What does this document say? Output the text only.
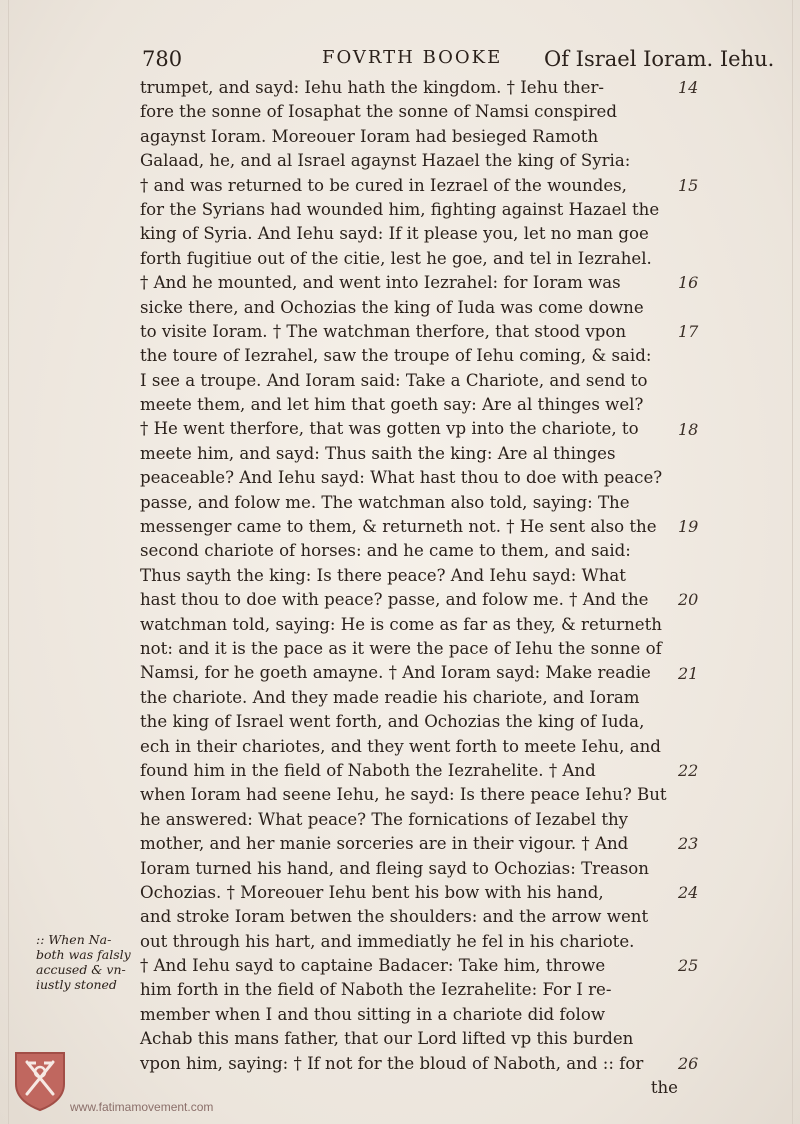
780	FOVRTH BOOKE Of Israel Ioram. Iehu.
trumpet, and sayd: Iehu hath the kingdom. † Iehu ther-
fore the sonne of Iosaphat the sonne of Namsi conspired
agaynst Ioram. Moreouer Ioram had besieged Ramoth
Galaad, he, and al Israel agaynst Hazael the king of Syria:
† and was returned to be cured in Iezrael of the woundes,
for the Syrians had wounded him, fighting against Hazael the
king of Syria. And Iehu sayd: If it please you, let no man goe
forth fugitiue out of the citie, lest he goe, and tel in Iezrahel.
† And he mounted, and went into Iezrahel: for Ioram was
sicke there, and Ochozias the king of Iuda was come downe
to visite Ioram. † The watchman therfore, that stood vpon
the toure of Iezrahel, saw the troupe of Iehu coming, & said:
I see a troupe. And Ioram said: Take a Chariote, and send to
meete them, and let him that goeth say: Are al thinges wel?
† He went therfore, that was gotten vp into the chariote, to
meete him, and sayd: Thus saith the king: Are al thinges
peaceable? And Iehu sayd: What hast thou to doe with peace?
passe, and folow me. The watchman also told, saying: The
messenger came to them, & returneth not. † He sent also the
second chariote of horses: and he came to them, and said:
Thus sayth the king: Is there peace? And Iehu sayd: What
hast thou to doe with peace? passe, and folow me. † And the
watchman told, saying: He is come as far as they, & returneth
not: and it is the pace as it were the pace of Iehu the sonne of
Namsi, for he goeth amayne. † And Ioram sayd: Make readie
the chariote. And they made readie his chariote, and Ioram
the king of Israel went forth, and Ochozias the king of Iuda,
ech in their chariotes, and they went forth to meete Iehu, and
found him in the field of Naboth the Iezrahelite. † And
when Ioram had seene Iehu, he sayd: Is there peace Iehu? But
he answered: What peace? The fornications of Iezabel thy
mother, and her manie sorceries are in their vigour. † And
Ioram turned his hand, and fleing sayd to Ochozias: Treason
Ochozias. † Moreouer Iehu bent his bow with his hand,
and stroke Ioram betwen the shoulders: and the arrow went
out through his hart, and immediatly he fel in his chariote.
† And Iehu sayd to captaine Badacer: Take him, throwe
him forth in the field of Naboth the Iezrahelite: For I re-
member when I and thou sitting in a chariote did folow
Achab this mans father, that our Lord lifted vp this burden
vpon him, saying: † If not for the bloud of Naboth, and :: for
the
14
15
16
17
18
19
20
21
22
23
24
25
26
:: When Na-
both was falsly
accused & vn-
iustly stoned
www.fatimamovement.com
